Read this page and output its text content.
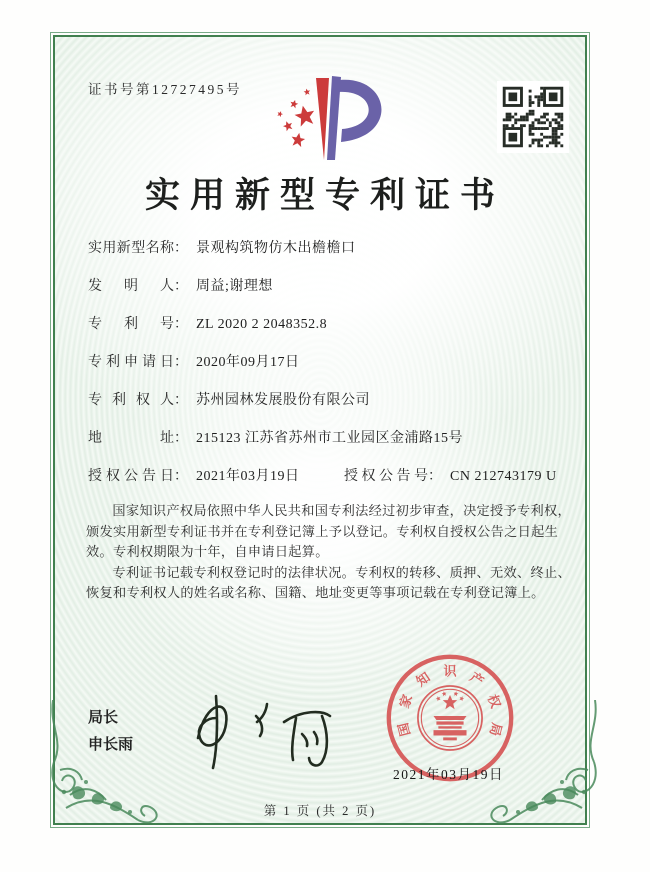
证书号第12727495号
实用新型专利证书
实用新型名称 ： 景观构筑物仿木出檐檐口
发明人 ： 周益;谢理想
专利号 ： ZL 2020 2 2048352.8
专利申请日 ： 2020年09月17日
专利权人 ： 苏州园林发展股份有限公司
地址 ： 215123 江苏省苏州市工业园区金浦路15号
授权公告日 ： 2021年03月19日	授权公告号 ： CN 212743179 U

国家知识产权局依照中华人民共和国专利法经过初步审查，决定授予专利权，颁发实用新型专利证书并在专利登记簿上予以登记。专利权自授权公告之日起生效。专利权期限为十年，自申请日起算。

专利证书记载专利权登记时的法律状况。专利权的转移、质押、无效、终止、恢复和专利权人的姓名或名称、国籍、地址变更等事项记载在专利登记簿上。

局长
申长雨
国
家
知 识 产
权
局
2021年03月19日
第 1 页 (共 2 页)
